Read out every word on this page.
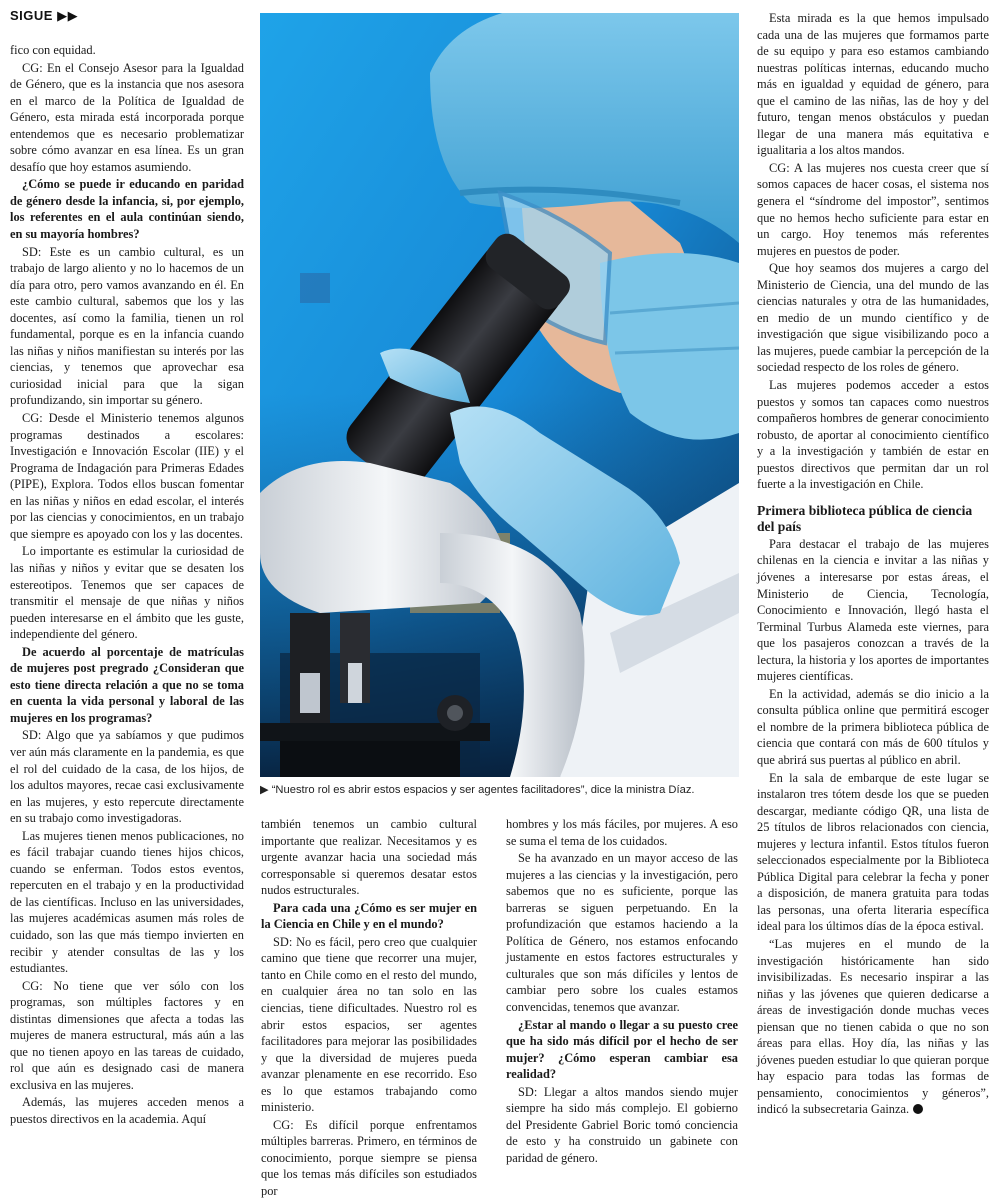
SIGUE ▶▶

fico con equidad.

CG: En el Consejo Asesor para la Igualdad de Género, que es la instancia que nos asesora en el marco de la Política de Igualdad de Género, esta mirada está incorporada porque entendemos que es necesario problematizar sobre cómo avanzar en esa línea. Es un gran desafío que hoy estamos asumiendo.

¿Cómo se puede ir educando en paridad de género desde la infancia, si, por ejemplo, los referentes en el aula continúan siendo, en su mayoría hombres?

SD: Este es un cambio cultural, es un trabajo de largo aliento y no lo hacemos de un día para otro, pero vamos avanzando en él. En este cambio cultural, sabemos que los y las docentes, así como la familia, tienen un rol fundamental, porque es en la infancia cuando las niñas y niños manifiestan su interés por las ciencias, y tenemos que aprovechar esa curiosidad inicial para que la sigan profundizando, sin importar su género.

CG: Desde el Ministerio tenemos algunos programas destinados a escolares: Investigación e Innovación Escolar (IIE) y el Programa de Indagación para Primeras Edades (PIPE), Explora. Todos ellos buscan fomentar en las niñas y niños en edad escolar, el interés por las ciencias y conocimientos, en un trabajo que siempre es apoyado con los y las docentes.

Lo importante es estimular la curiosidad de las niñas y niños y evitar que se desaten los estereotipos. Tenemos que ser capaces de transmitir el mensaje de que niñas y niños pueden interesarse en el ámbito que les guste, independiente del género.

De acuerdo al porcentaje de matrículas de mujeres post pregrado ¿Consideran que esto tiene directa relación a que no se toma en cuenta la vida personal y laboral de las mujeres en los programas?

SD: Algo que ya sabíamos y que pudimos ver aún más claramente en la pandemia, es que el rol del cuidado de la casa, de los hijos, de los adultos mayores, recae casi exclusivamente en las mujeres, y esto repercute directamente en su trabajo como investigadoras.

Las mujeres tienen menos publicaciones, no es fácil trabajar cuando tienes hijos chicos, cuando se enferman. Todos estos eventos, repercuten en el trabajo y en la productividad de las científicas. Incluso en las universidades, las mujeres académicas asumen más roles de cuidado, son las que más tiempo invierten en recibir y atender consultas de las y los estudiantes.

CG: No tiene que ver sólo con los programas, son múltiples factores y en distintas dimensiones que afecta a todas las mujeres de manera estructural, más aún a las que no tienen apoyo en las tareas de cuidado, rol que aún es designado casi de manera exclusiva en las mujeres.

Además, las mujeres acceden menos a puestos directivos en la academia. Aquí

▶ “Nuestro rol es abrir estos espacios y ser agentes facilitadores”, dice la ministra Díaz.

también tenemos un cambio cultural importante que realizar. Necesitamos y es urgente avanzar hacia una sociedad más corresponsable si queremos desatar estos nudos estructurales.

Para cada una ¿Cómo es ser mujer en la Ciencia en Chile y en el mundo?

SD: No es fácil, pero creo que cualquier camino que tiene que recorrer una mujer, tanto en Chile como en el resto del mundo, en cualquier área no tan solo en las ciencias, tiene dificultades. Nuestro rol es abrir estos espacios, ser agentes facilitadores para mejorar las posibilidades y que la diversidad de mujeres pueda avanzar plenamente en ese recorrido. Eso es lo que estamos trabajando como ministerio.

CG: Es difícil porque enfrentamos múltiples barreras. Primero, en términos de conocimiento, porque siempre se piensa que los temas más difíciles son estudiados por

hombres y los más fáciles, por mujeres. A eso se suma el tema de los cuidados.

Se ha avanzado en un mayor acceso de las mujeres a las ciencias y la investigación, pero sabemos que no es suficiente, porque las barreras se siguen perpetuando. En la profundización que estamos haciendo a la Política de Género, nos estamos enfocando justamente en estos factores estructurales y culturales que son más difíciles y lentos de cambiar pero sobre los cuales estamos convencidas, tenemos que avanzar.

¿Estar al mando o llegar a su puesto cree que ha sido más difícil por el hecho de ser mujer? ¿Cómo esperan cambiar esa realidad?

SD: Llegar a altos mandos siendo mujer siempre ha sido más complejo. El gobierno del Presidente Gabriel Boric tomó conciencia de esto y ha construido un gabinete con paridad de género.

Esta mirada es la que hemos impulsado cada una de las mujeres que formamos parte de su equipo y para eso estamos cambiando nuestras políticas internas, educando mucho más en igualdad y equidad de género, para que el camino de las niñas, las de hoy y del futuro, tengan menos obstáculos y puedan llegar de una manera más equitativa e igualitaria a los altos mandos.

CG: A las mujeres nos cuesta creer que sí somos capaces de hacer cosas, el sistema nos genera el “síndrome del impostor”, sentimos que no hemos hecho suficiente para estar en un cargo. Hoy tenemos más referentes mujeres en puestos de poder.

Que hoy seamos dos mujeres a cargo del Ministerio de Ciencia, una del mundo de las ciencias naturales y otra de las humanidades, en medio de un mundo científico y de investigación que sigue visibilizando poco a las mujeres, puede cambiar la percepción de la sociedad respecto de los roles de género.

Las mujeres podemos acceder a estos puestos y somos tan capaces como nuestros compañeros hombres de generar conocimiento robusto, de aportar al conocimiento científico y a la investigación y también de estar en puestos directivos que permitan dar un rol fuerte a la investigación en Chile.

Primera biblioteca pública de ciencia del país

Para destacar el trabajo de las mujeres chilenas en la ciencia e invitar a las niñas y jóvenes a interesarse por estas áreas, el Ministerio de Ciencia, Tecnología, Conocimiento e Innovación, llegó hasta el Terminal Turbus Alameda este viernes, para que los pasajeros conozcan a través de la lectura, la historia y los aportes de importantes mujeres científicas.

En la actividad, además se dio inicio a la consulta pública online que permitirá escoger el nombre de la primera biblioteca pública de ciencia que contará con más de 600 títulos y que abrirá sus puertas al público en abril.

En la sala de embarque de este lugar se instalaron tres tótem desde los que se pueden descargar, mediante código QR, una lista de 25 títulos de libros relacionados con ciencia, mujeres y lectura infantil. Estos títulos fueron seleccionados especialmente por la Biblioteca Pública Digital para celebrar la fecha y poner a disposición, de manera gratuita para todas las personas, una oferta literaria específica ideal para los últimos días de la época estival.

“Las mujeres en el mundo de la investigación históricamente han sido invisibilizadas. Es necesario inspirar a las niñas y las jóvenes que quieren dedicarse a áreas de investigación donde muchas veces piensan que no tienen cabida o que no son áreas para ellas. Hoy día, las niñas y las jóvenes pueden estudiar lo que quieran porque hay espacio para todas las formas de pensamiento, conocimientos y géneros”, indicó la subsecretaria Gainza.
